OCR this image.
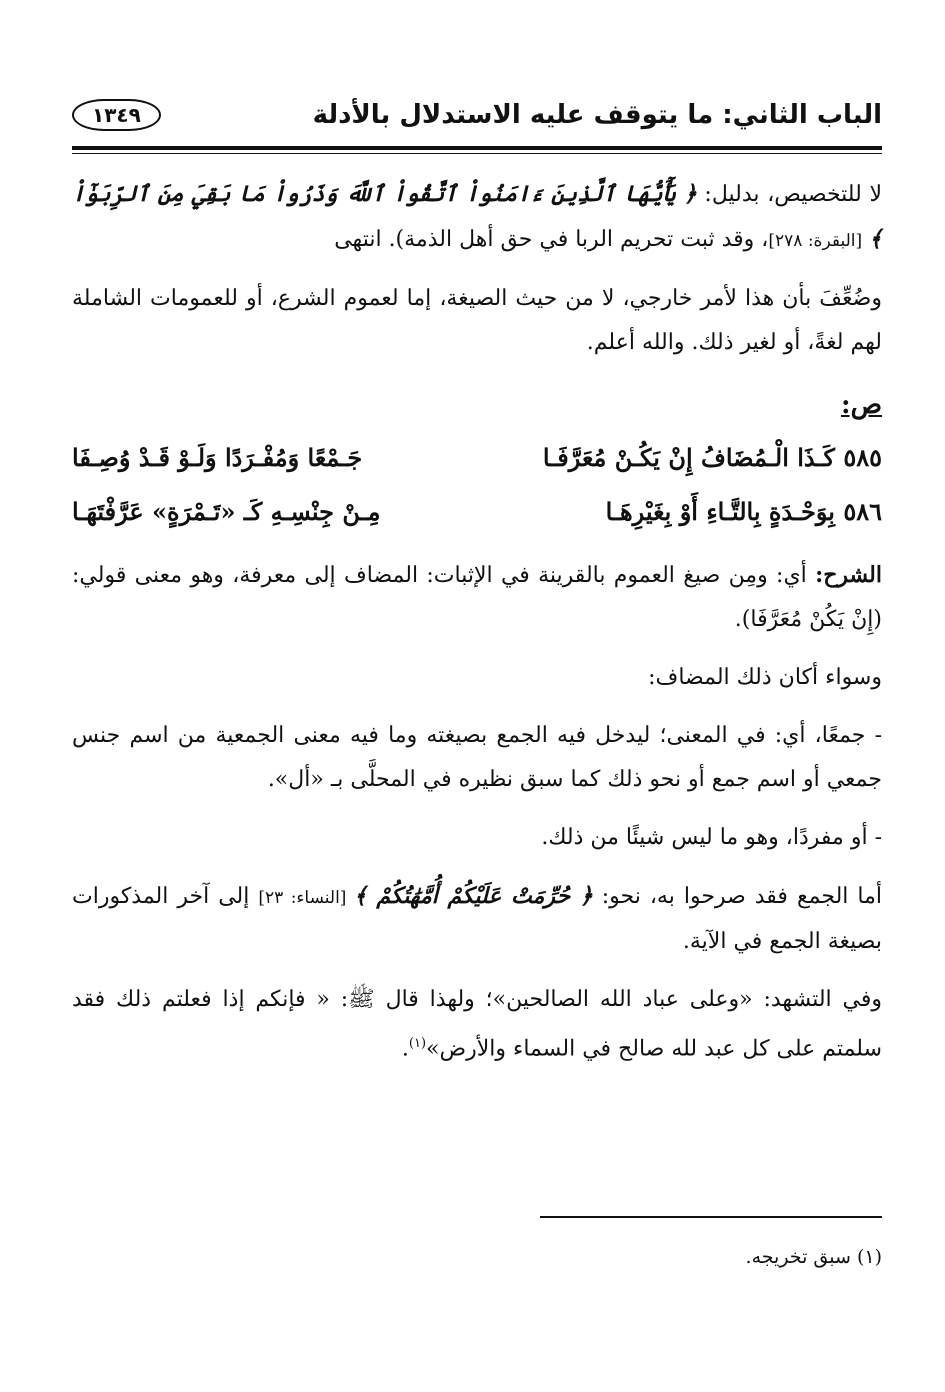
الباب الثاني: ما يتوقف عليه الاستدلال بالأدلة
١٣٤٩

لا للتخصيص، بدليل: ﴿ يَٰٓأَيُّهَا ٱلَّذِينَ ءَامَنُواْ ٱتَّقُواْ ٱللَّهَ وَذَرُواْ مَا بَقِيَ مِنَ ٱلرِّبَوٰٓاْ ﴾ [البقرة: ٢٧٨]، وقد ثبت تحريم الربا في حق أهل الذمة). انتهى

وضُعِّفَ بأن هذا لأمر خارجي، لا من حيث الصيغة، إما لعموم الشرع، أو للعمومات الشاملة لهم لغةً، أو لغير ذلك. والله أعلم.

ص:
٥٨٥ كَـذَا الْـمُضَافُ إِنْ يَكُـنْ مُعَرَّفَـا
جَـمْعًا وَمُفْـرَدًا وَلَـوْ قَـدْ وُصِـفَا
٥٨٦ بِوَحْـدَةٍ بِالتَّـاءِ أَوْ بِغَيْرِهَـا
مِـنْ جِنْسِـهِ كَـ «تَـمْرَةٍ» عَرَّفْتَهَـا

الشرح: أي: ومِن صيغ العموم بالقرينة في الإثبات: المضاف إلى معرفة، وهو معنى قولي: (إِنْ يَكُنْ مُعَرَّفَا).

وسواء أكان ذلك المضاف:

- جمعًا، أي: في المعنى؛ ليدخل فيه الجمع بصيغته وما فيه معنى الجمعية من اسم جنس جمعي أو اسم جمع أو نحو ذلك كما سبق نظيره في المحلَّى بـ «أل».

- أو مفردًا، وهو ما ليس شيئًا من ذلك.

أما الجمع فقد صرحوا به، نحو: ﴿ حُرِّمَتْ عَلَيْكُمْ أُمَّهَٰتُكُمْ ﴾ [النساء: ٢٣] إلى آخر المذكورات بصيغة الجمع في الآية.

وفي التشهد: «وعلى عباد الله الصالحين»؛ ولهذا قال ﷺ: « فإنكم إذا فعلتم ذلك فقد سلمتم على كل عبد لله صالح في السماء والأرض»$^{(١)}$.

(١) سبق تخريجه.
